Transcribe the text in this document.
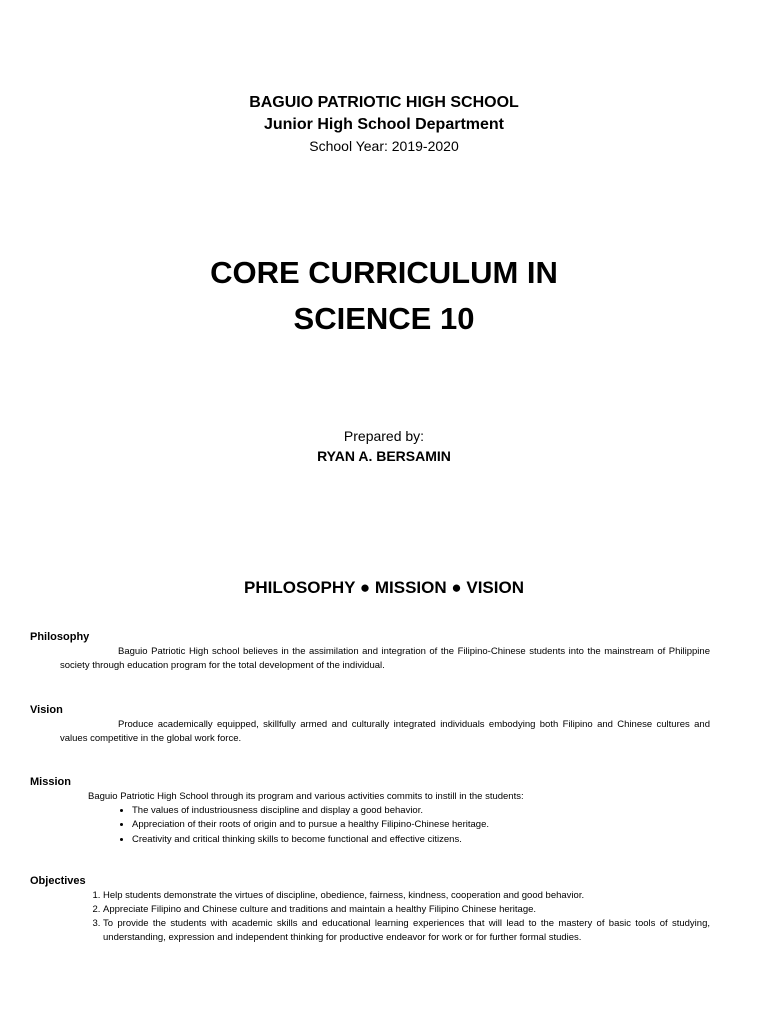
BAGUIO PATRIOTIC HIGH SCHOOL
Junior High School Department
School Year: 2019-2020
CORE CURRICULUM IN
SCIENCE 10
Prepared by:
RYAN A. BERSAMIN
PHILOSOPHY ● MISSION ● VISION
Philosophy
Baguio Patriotic High school believes in the assimilation and integration of the Filipino-Chinese students into the mainstream of Philippine society through education program for the total development of the individual.
Vision
Produce academically equipped, skillfully armed and culturally integrated individuals embodying both Filipino and Chinese cultures and values competitive in the global work force.
Mission
Baguio Patriotic High School through its program and various activities commits to instill in the students:
• The values of industriousness discipline and display a good behavior.
• Appreciation of their roots of origin and to pursue a healthy Filipino-Chinese heritage.
• Creativity and critical thinking skills to become functional and effective citizens.
Objectives
1. Help students demonstrate the virtues of discipline, obedience, fairness, kindness, cooperation and good behavior.
2. Appreciate Filipino and Chinese culture and traditions and maintain a healthy Filipino Chinese heritage.
3. To provide the students with academic skills and educational learning experiences that will lead to the mastery of basic tools of studying, understanding, expression and independent thinking for productive endeavor for work or for further formal studies.
